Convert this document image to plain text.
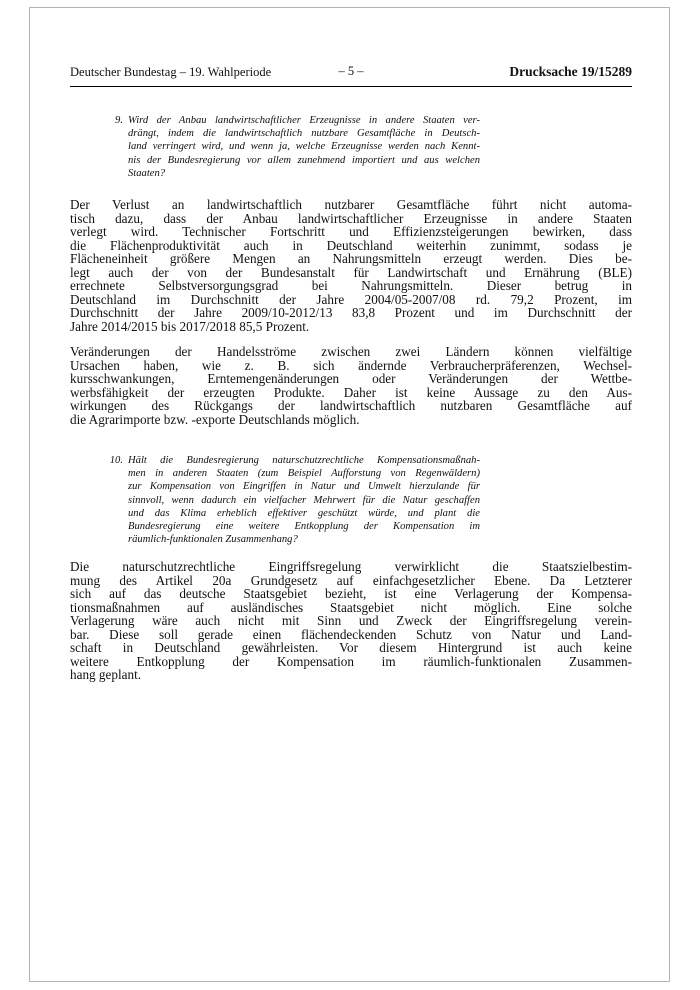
Deutscher Bundestag – 19. Wahlperiode	– 5 –	Drucksache 19/15289
9. Wird der Anbau landwirtschaftlicher Erzeugnisse in andere Staaten ver-
drängt, indem die landwirtschaftlich nutzbare Gesamtfläche in Deutsch-
land verringert wird, und wenn ja, welche Erzeugnisse werden nach Kennt-
nis der Bundesregierung vor allem zunehmend importiert und aus welchen
Staaten?
Der Verlust an landwirtschaftlich nutzbarer Gesamtfläche führt nicht automa-
tisch dazu, dass der Anbau landwirtschaftlicher Erzeugnisse in andere Staaten
verlegt wird. Technischer Fortschritt und Effizienzsteigerungen bewirken, dass
die Flächenproduktivität auch in Deutschland weiterhin zunimmt, sodass je
Flächeneinheit größere Mengen an Nahrungsmitteln erzeugt werden. Dies be-
legt auch der von der Bundesanstalt für Landwirtschaft und Ernährung (BLE)
errechnete Selbstversorgungsgrad bei Nahrungsmitteln. Dieser betrug in
Deutschland im Durchschnitt der Jahre 2004/05-2007/08 rd. 79,2 Prozent, im
Durchschnitt der Jahre 2009/10-2012/13 83,8 Prozent und im Durchschnitt der
Jahre 2014/2015 bis 2017/2018 85,5 Prozent.
Veränderungen der Handelsströme zwischen zwei Ländern können vielfältige
Ursachen haben, wie z. B. sich ändernde Verbraucherpräferenzen, Wechsel-
kursschwankungen, Erntemengenänderungen oder Veränderungen der Wettbe-
werbsfähigkeit der erzeugten Produkte. Daher ist keine Aussage zu den Aus-
wirkungen des Rückgangs der landwirtschaftlich nutzbaren Gesamtfläche auf
die Agrarimporte bzw. -exporte Deutschlands möglich.
10. Hält die Bundesregierung naturschutzrechtliche Kompensationsmaßnah-
men in anderen Staaten (zum Beispiel Aufforstung von Regenwäldern)
zur Kompensation von Eingriffen in Natur und Umwelt hierzulande für
sinnvoll, wenn dadurch ein vielfacher Mehrwert für die Natur geschaffen
und das Klima erheblich effektiver geschützt würde, und plant die
Bundesregierung eine weitere Entkopplung der Kompensation im
räumlich-funktionalen Zusammenhang?
Die naturschutzrechtliche Eingriffsregelung verwirklicht die Staatszielbestim-
mung des Artikel 20a Grundgesetz auf einfachgesetzlicher Ebene. Da Letzterer
sich auf das deutsche Staatsgebiet bezieht, ist eine Verlagerung der Kompensa-
tionsmaßnahmen auf ausländisches Staatsgebiet nicht möglich. Eine solche
Verlagerung wäre auch nicht mit Sinn und Zweck der Eingriffsregelung verein-
bar. Diese soll gerade einen flächendeckenden Schutz von Natur und Land-
schaft in Deutschland gewährleisten. Vor diesem Hintergrund ist auch keine
weitere Entkopplung der Kompensation im räumlich-funktionalen Zusammen-
hang geplant.
